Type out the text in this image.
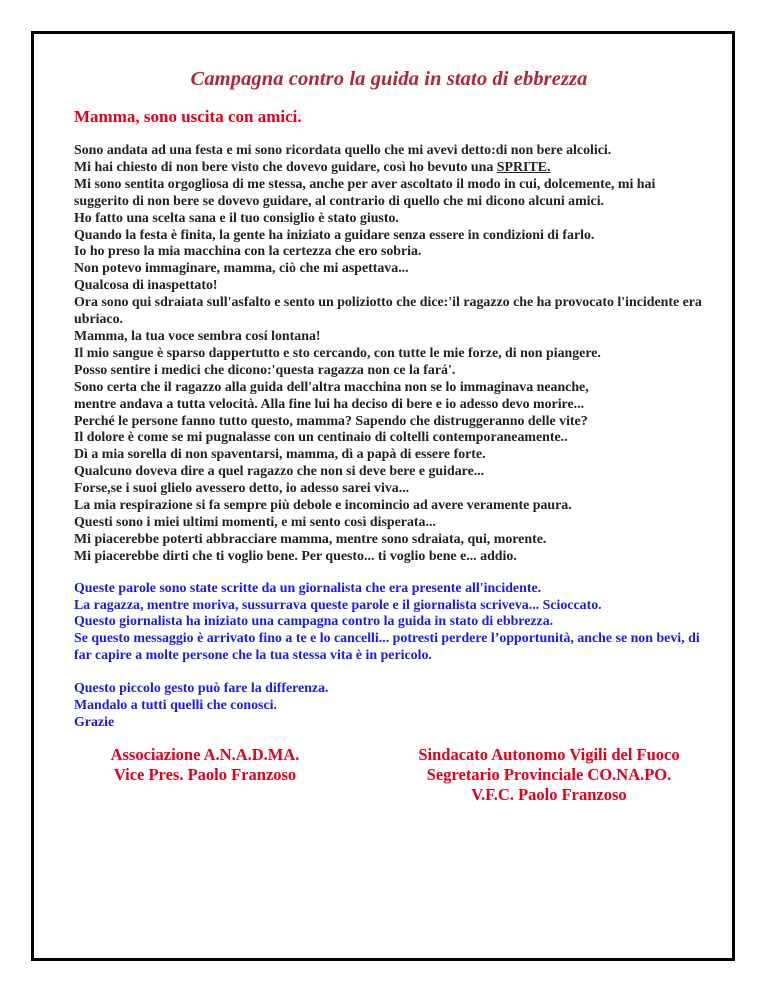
Campagna contro la guida in stato di ebbrezza
Mamma, sono uscita con amici.
Sono andata ad una festa e mi sono ricordata quello che mi avevi detto:di non bere alcolici.
Mi hai chiesto di non bere visto che dovevo guidare, così ho bevuto una SPRITE.
Mi sono sentita orgogliosa di me stessa, anche per aver ascoltato il modo in cui, dolcemente, mi hai suggerito di non bere se dovevo guidare, al contrario di quello che mi dicono alcuni amici.
Ho fatto una scelta sana e il tuo consiglio è stato giusto.
Quando la festa è finita, la gente ha iniziato a guidare senza essere in condizioni di farlo.
Io ho preso la mia macchina con la certezza che ero sobria.
Non potevo immaginare, mamma, ciò che mi aspettava...
Qualcosa di inaspettato!
Ora sono qui sdraiata sull'asfalto e sento un poliziotto che dice:'il ragazzo che ha provocato l'incidente era ubriaco.
Mamma, la tua voce sembra cosí lontana!
Il mio sangue è sparso dappertutto e sto cercando, con tutte le mie forze, di non piangere.
Posso sentire i medici che dicono:'questa ragazza non ce la fará'.
Sono certa che il ragazzo alla guida dell'altra macchina non se lo immaginava neanche,
mentre andava a tutta velocità. Alla fine lui ha deciso di bere e io adesso devo morire...
Perché le persone fanno tutto questo, mamma? Sapendo che distruggeranno delle vite?
Il dolore è come se mi pugnalasse con un centinaio di coltelli contemporaneamente..
Dì a mia sorella di non spaventarsi, mamma, dì a papà di essere forte.
Qualcuno doveva dire a quel ragazzo che non si deve bere e guidare...
Forse,se i suoi glielo avessero detto, io adesso sarei viva...
La mia respirazione si fa sempre più debole e incomincio ad avere veramente paura.
Questi sono i miei ultimi momenti, e mi sento così disperata...
Mi piacerebbe poterti abbracciare mamma, mentre sono sdraiata, qui, morente.
Mi piacerebbe dirti che ti voglio bene. Per questo... ti voglio bene e... addio.
Queste parole sono state scritte da un giornalista che era presente all'incidente.
La ragazza, mentre moriva, sussurrava queste parole e il giornalista scriveva... Scioccato.
Questo giornalista ha iniziato una campagna contro la guida in stato di ebbrezza.
Se questo messaggio è arrivato fino a te e lo cancelli... potresti perdere l’opportunità, anche se non bevi, di far capire a molte persone che la tua stessa vita è in pericolo.
Questo piccolo gesto può fare la differenza.
Mandalo a tutti quelli che conosci.
Grazie
Associazione A.N.A.D.MA.
Vice Pres. Paolo Franzoso
Sindacato Autonomo Vigili del Fuoco
Segretario Provinciale CO.NA.PO.
V.F.C. Paolo Franzoso
